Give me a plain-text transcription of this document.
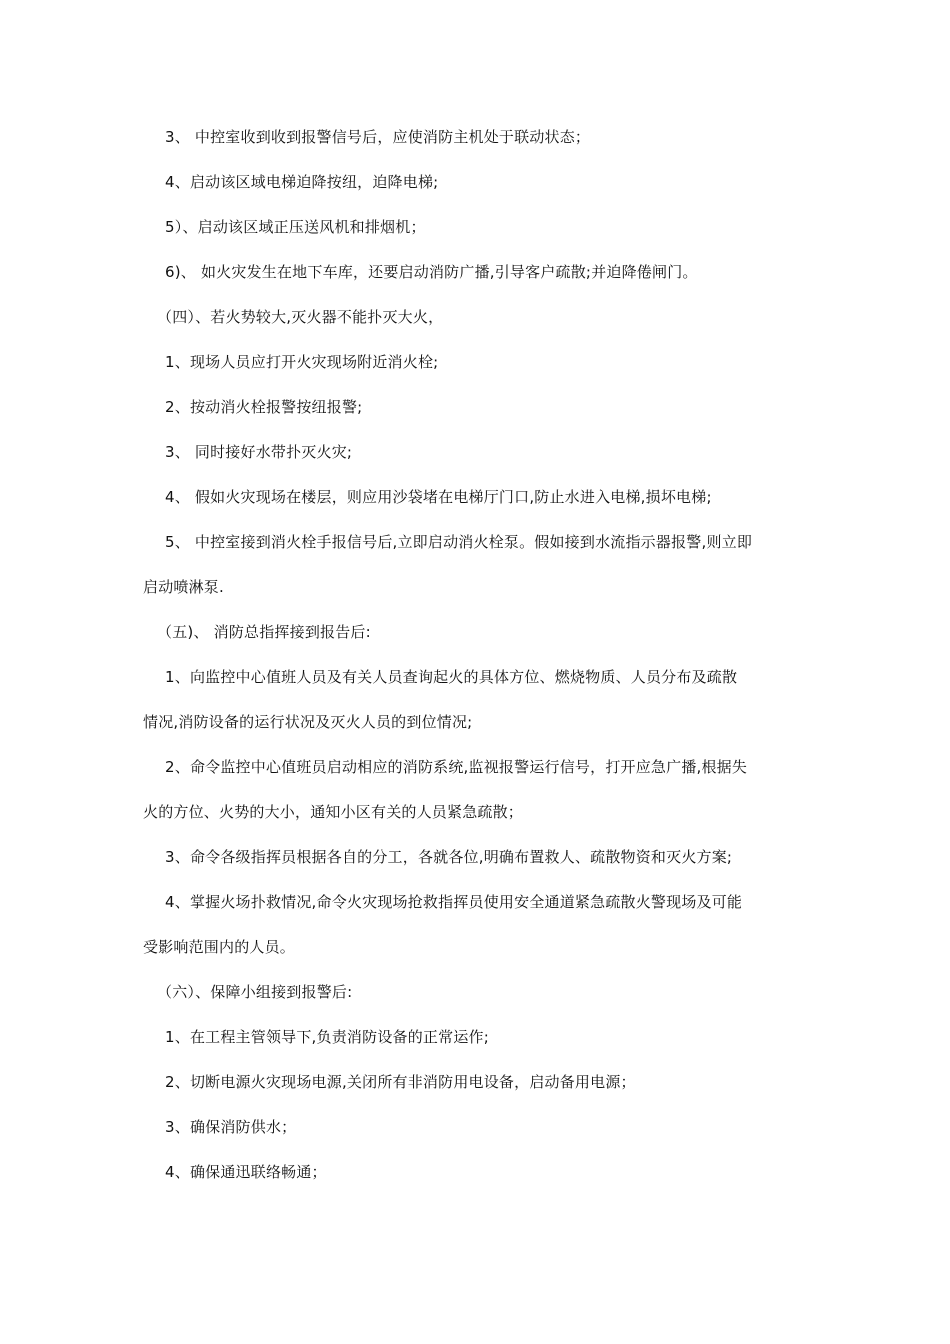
3、 中控室收到收到报警信号后，应使消防主机处于联动状态；
4、启动该区域电梯迫降按纽，迫降电梯;
5）、启动该区域正压送风机和排烟机；
6)、 如火灾发生在地下车库，还要启动消防广播,引导客户疏散;并迫降倦闸门。
（四）、若火势较大,灭火器不能扑灭大火，
1、现场人员应打开火灾现场附近消火栓;
2、按动消火栓报警按纽报警;
3、 同时接好水带扑灭火灾;
4、 假如火灾现场在楼层，则应用沙袋堵在电梯厅门口,防止水进入电梯,损坏电梯;
5、 中控室接到消火栓手报信号后,立即启动消火栓泵。假如接到水流指示器报警,则立即
启动喷淋泵.
（五)、 消防总指挥接到报告后:
1、向监控中心值班人员及有关人员查询起火的具体方位、燃烧物质、人员分布及疏散
情况,消防设备的运行状况及灭火人员的到位情况;
2、命令监控中心值班员启动相应的消防系统,监视报警运行信号，打开应急广播,根据失
火的方位、火势的大小，通知小区有关的人员紧急疏散；
3、命令各级指挥员根据各自的分工，各就各位,明确布置救人、疏散物资和灭火方案;
4、掌握火场扑救情况,命令火灾现场抢救指挥员使用安全通道紧急疏散火警现场及可能
受影响范围内的人员。
（六）、保障小组接到报警后:
1、在工程主管领导下,负责消防设备的正常运作;
2、切断电源火灾现场电源,关闭所有非消防用电设备，启动备用电源；
3、确保消防供水；
4、确保通迅联络畅通；
